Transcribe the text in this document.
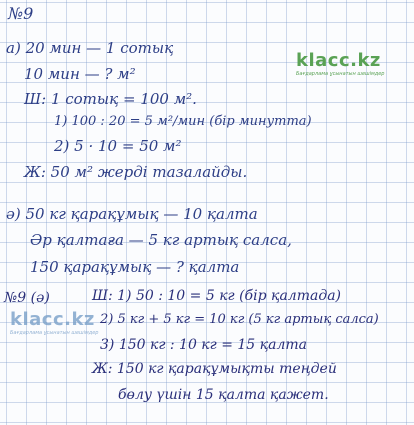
№9
а) 20 мин — 1 сотық
10 мин — ? м²
Ш: 1 сотық = 100 м².
1) 100 : 20 = 5 м²/мин (бір минутта)
2) 5 · 10 = 50 м²
Ж: 50 м² жерді тазалайды.
klacc.kz
Бағдарлама ұсынатын шешімдер
ә) 50 кг қарақұмық — 10 қалта
Әр қалтаға — 5 кг артық салса,
150 қарақұмық — ? қалта
№9 (ә)	Ш: 1) 50 : 10 = 5 кг (бір қалтада)
2) 5 кг + 5 кг = 10 кг (5 кг артық салса)
3) 150 кг : 10 кг = 15 қалта
Ж: 150 кг қарақұмықты теңдей
бөлу үшін 15 қалта қажет.
klacc.kz
Бағдарлама ұсынатын шешімдер
